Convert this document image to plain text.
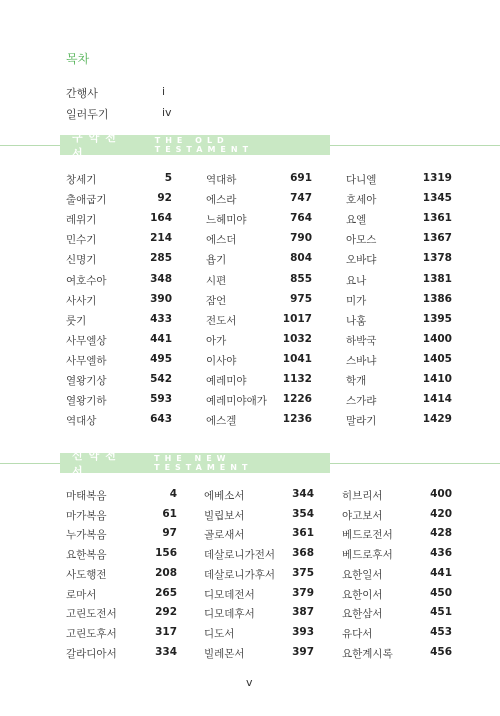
목차
간행사	i
일러두기	iv
구약전서
THE OLD TESTAMENT
창세기	5
출애굽기	92
레위기	164
민수기	214
신명기	285
여호수아	348
사사기	390
룻기	433
사무엘상	441
사무엘하	495
열왕기상	542
열왕기하	593
역대상	643
역대하	691
에스라	747
느헤미야	764
에스더	790
욥기	804
시편	855
잠언	975
전도서	1017
아가	1032
이사야	1041
예레미야	1132
예레미야애가 1226
에스겔	1236
다니엘	1319
호세아	1345
요엘	1361
아모스	1367
오바댜	1378
요나	1381
미가	1386
나훔	1395
하박국	1400
스바냐	1405
학개	1410
스가랴	1414
말라기	1429
신약전서
THE NEW TESTAMENT
마태복음	4
마가복음	61
누가복음	97
요한복음	156
사도행전	208
로마서	265
고린도전서	292
고린도후서	317
갈라디아서	334
에베소서	344
빌립보서	354
골로새서	361
데살로니가전서 368
데살로니가후서 375
디모데전서	379
디모데후서	387
디도서	393
빌레몬서	397
히브리서	400
야고보서	420
베드로전서	428
베드로후서	436
요한일서	441
요한이서	450
요한삼서	451
유다서	453
요한계시록	456
v
